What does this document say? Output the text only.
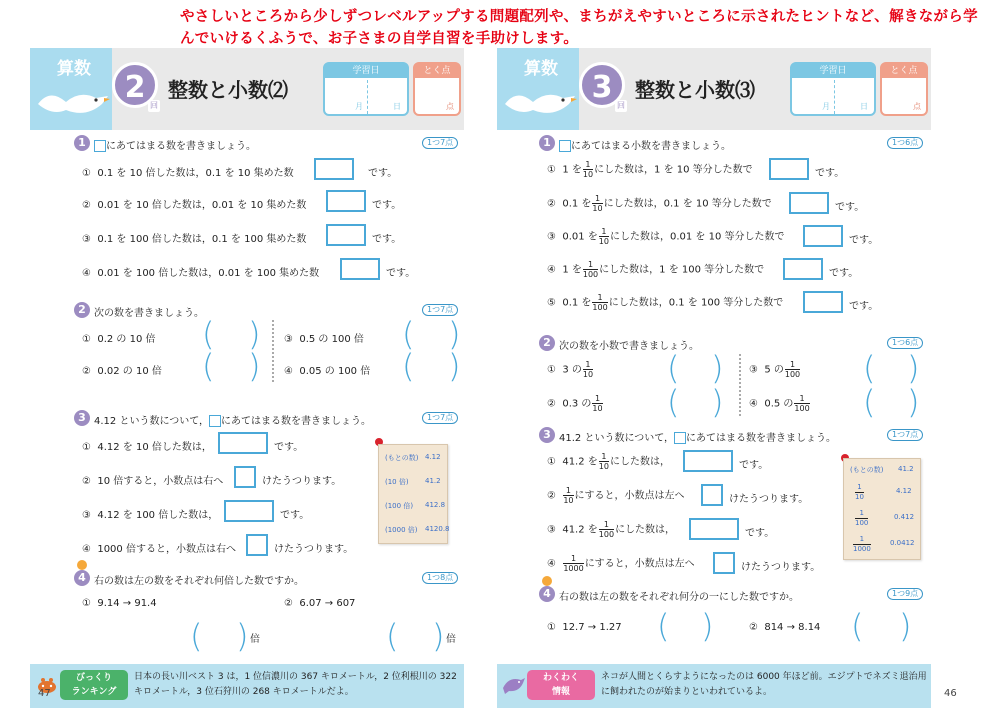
やさしいところから少しずつレベルアップする問題配列や、まちがえやすいところに示されたヒントなど、解きながら学んでいけるくふうで、お子さまの自学自習を手助けします。
算数
2
回
整数と小数⑵
学習日
月	日
とく点
点
1	にあてはまる数を書きましょう。	1つ7点
① 0.1 を 10 倍した数は，0.1 を 10 集めた数	です。
② 0.01 を 10 倍した数は，0.01 を 10 集めた数	です。
③ 0.1 を 100 倍した数は，0.1 を 100 集めた数	です。
④ 0.01 を 100 倍した数は，0.01 を 100 集めた数	です。
2 次の数を書きましょう。	1つ7点
① 0.2 の 10 倍 ( )
② 0.02 の 10 倍 ( )
③ 0.5 の 100 倍 ( )
④ 0.05 の 100 倍 ( )
3 4.12 という数について， にあてはまる数を書きましょう。	1つ7点
① 4.12 を 10 倍した数は，	です。
② 10 倍すると，小数点は右へ	けたうつります。
③ 4.12 を 100 倍した数は，	です。
④ 1000 倍すると，小数点は右へ	けたうつります。
(もとの数) 4.12
(10 倍) 41.2
(100 倍) 412.8
(1000 倍) 4120.8
4 右の数は左の数をそれぞれ何倍した数ですか。	1つ8点
① 9.14 → 91.4	② 6.07 → 607
( ) 倍	( ) 倍
びっくり
ランキング
日本の長い川ベスト 3 は，1 位信濃川の 367 キロメートル，2 位利根川の 322 キロメートル，3 位石狩川の 268 キロメートルだよ。
47
算数
3
回
整数と小数⑶
学習日
月	日
とく点
点
1	にあてはまる小数を書きましょう。	1つ6点
① 1 を $\frac{1}{10}$ にした数は，1 を 10 等分した数で	です。
② 0.1 を $\frac{1}{10}$ にした数は，0.1 を 10 等分した数で	です。
③ 0.01 を $\frac{1}{10}$ にした数は，0.01 を 10 等分した数で	です。
④ 1 を $\frac{1}{100}$ にした数は，1 を 100 等分した数で	です。
⑤ 0.1 を $\frac{1}{100}$ にした数は，0.1 を 100 等分した数で	です。
2 次の数を小数で書きましょう。	1つ6点
① 3 の $\frac{1}{10}$ ( )
② 0.3 の $\frac{1}{10}$ ( )
③ 5 の $\frac{1}{100}$ ( )
④ 0.5 の $\frac{1}{100}$ ( )
3 41.2 という数について， にあてはまる数を書きましょう。	1つ7点
① 41.2 を $\frac{1}{10}$ にした数は，	です。
② $\frac{1}{10}$ にすると，小数点は左へ	けたうつります。
③ 41.2 を $\frac{1}{100}$ にした数は，	です。
④ $\frac{1}{1000}$ にすると，小数点は左へ	けたうつります。
(もとの数) 41.2
$\frac{1}{10}$	4.12
$\frac{1}{100}$	0.412
$\frac{1}{1000}$	0.0412
4 右の数は左の数をそれぞれ何分の一にした数ですか。	1つ9点
① 12.7 → 1.27 ( )	② 814 → 8.14 ( )
わくわく
情報
ネコが人間とくらすようになったのは 6000 年ほど前。エジプトでネズミ退治用に飼われたのが始まりといわれているよ。	46
